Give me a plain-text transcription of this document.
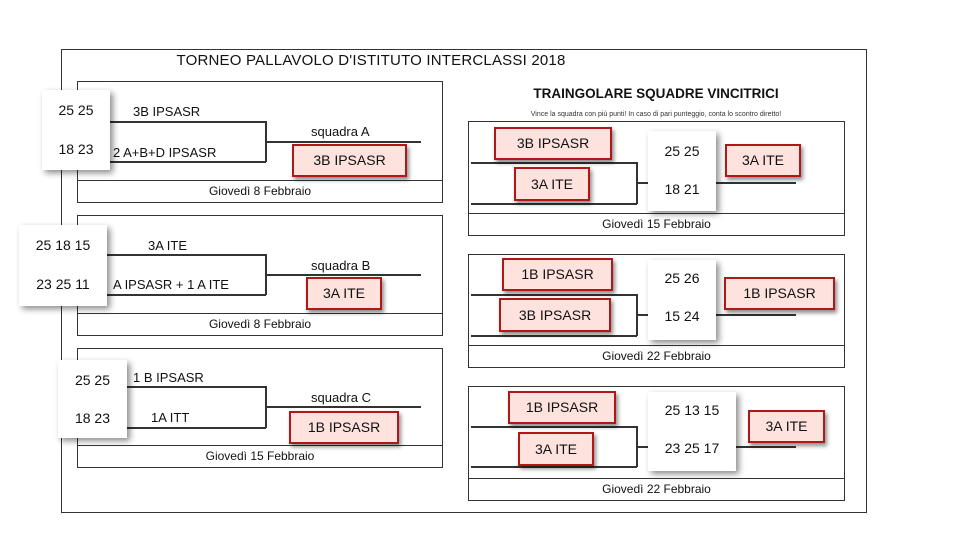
TORNEO PALLAVOLO D'ISTITUTO INTERCLASSI 2018
Giovedì 8 Febbraio
3B IPSASR
2 A+B+D IPSASR
squadra A
3B IPSASR
25 25
18 23
Giovedì 8 Febbraio
3A ITE
A IPSASR + 1 A ITE
squadra B
3A ITE
25 18 15
23 25 11
Giovedì 15 Febbraio
1 B IPSASR
1A ITT
squadra C
1B IPSASR
25 25
18 23
TRAINGOLARE SQUADRE VINCITRICI
Vince la squadra con più punti! In caso di pari punteggio, conta lo scontro diretto!
Giovedì 15 Febbraio
3B IPSASR
3A ITE
25 25
18 21
3A ITE
Giovedì 22 Febbraio
1B IPSASR
3B IPSASR
25 26
15 24
1B IPSASR
Giovedì 22 Febbraio
1B IPSASR
3A ITE
25 13 15
23 25 17
3A ITE
